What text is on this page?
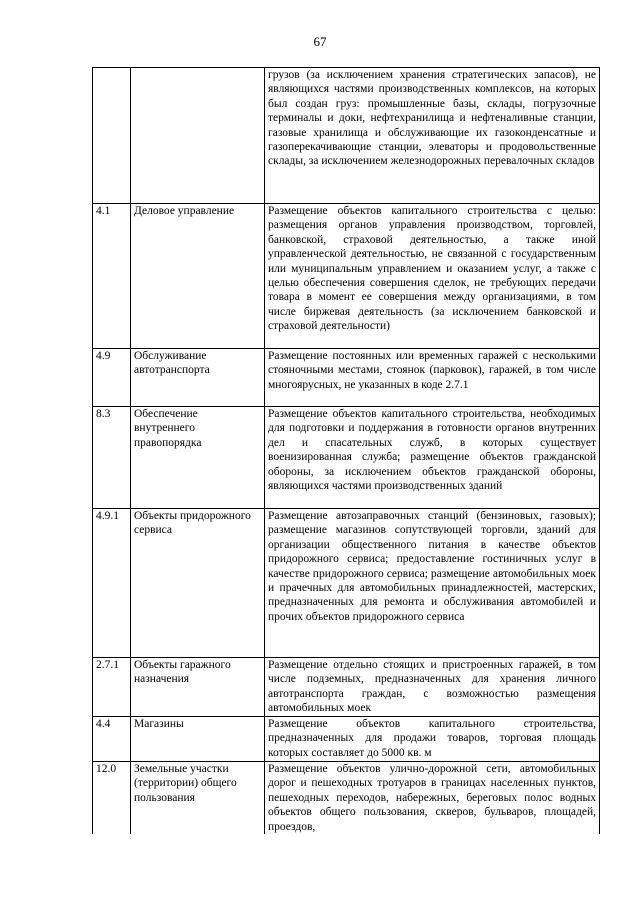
67
		грузов (за исключением хранения стратегических запасов), не являющихся частями производственных комплексов, на которых был создан груз: промышленные базы, склады, погрузочные терминалы и доки, нефтехранилища и нефтеналивные станции, газовые хранилища и обслуживающие их газоконденсатные и газоперекачивающие станции, элеваторы и продовольственные склады, за исключением железнодорожных перевалочных складов
4.1	Деловое управление	Размещение объектов капитального строительства с целью: размещения органов управления производством, торговлей, банковской, страховой деятельностью, а также иной управленческой деятельностью, не связанной с государственным или муниципальным управлением и оказанием услуг, а также с целью обеспечения совершения сделок, не требующих передачи товара в момент ее совершения между организациями, в том числе биржевая деятельность (за исключением банковской и страховой деятельности)
4.9	Обслуживание автотранспорта	Размещение постоянных или временных гаражей с несколькими стояночными местами, стоянок (парковок), гаражей, в том числе многоярусных, не указанных в коде 2.7.1
8.3	Обеспечение внутреннего правопорядка	Размещение объектов капитального строительства, необходимых для подготовки и поддержания в готовности органов внутренних дел и спасательных служб, в которых существует военизированная служба; размещение объектов гражданской обороны, за исключением объектов гражданской обороны, являющихся частями производственных зданий
4.9.1	Объекты придорожного сервиса	Размещение автозаправочных станций (бензиновых, газовых); размещение магазинов сопутствующей торговли, зданий для организации общественного питания в качестве объектов придорожного сервиса; предоставление гостиничных услуг в качестве придорожного сервиса; размещение автомобильных моек и прачечных для автомобильных принадлежностей, мастерских, предназначенных для ремонта и обслуживания автомобилей и прочих объектов придорожного сервиса
2.7.1	Объекты гаражного назначения	Размещение отдельно стоящих и пристроенных гаражей, в том числе подземных, предназначенных для хранения личного автотранспорта граждан, с возможностью размещения автомобильных моек
4.4	Магазины	Размещение объектов капитального строительства, предназначенных для продажи товаров, торговая площадь которых составляет до 5000 кв. м
12.0	Земельные участки (территории) общего пользования	Размещение объектов улично-дорожной сети, автомобильных дорог и пешеходных тротуаров в границах населенных пунктов, пешеходных переходов, набережных, береговых полос водных объектов общего пользования, скверов, бульваров, площадей, проездов,
